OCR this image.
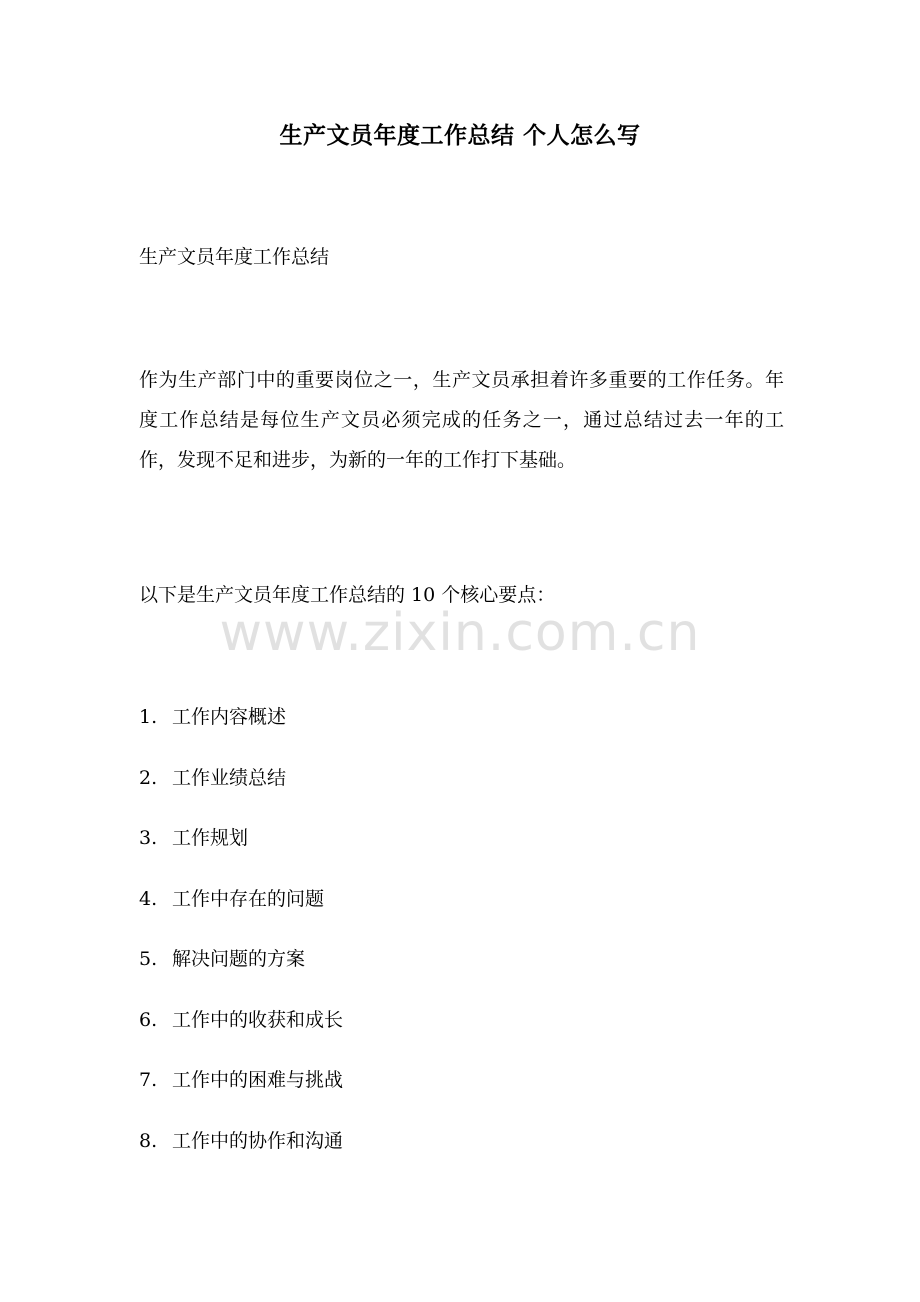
生产文员年度工作总结 个人怎么写
生产文员年度工作总结

作为生产部门中的重要岗位之一，生产文员承担着许多重要的工作任务。年度工作总结是每位生产文员必须完成的任务之一，通过总结过去一年的工作，发现不足和进步，为新的一年的工作打下基础。

以下是生产文员年度工作总结的 10 个核心要点：
www.zixin.com.cn
1. 工作内容概述
2. 工作业绩总结
3. 工作规划
4. 工作中存在的问题
5. 解决问题的方案
6. 工作中的收获和成长
7. 工作中的困难与挑战
8. 工作中的协作和沟通
